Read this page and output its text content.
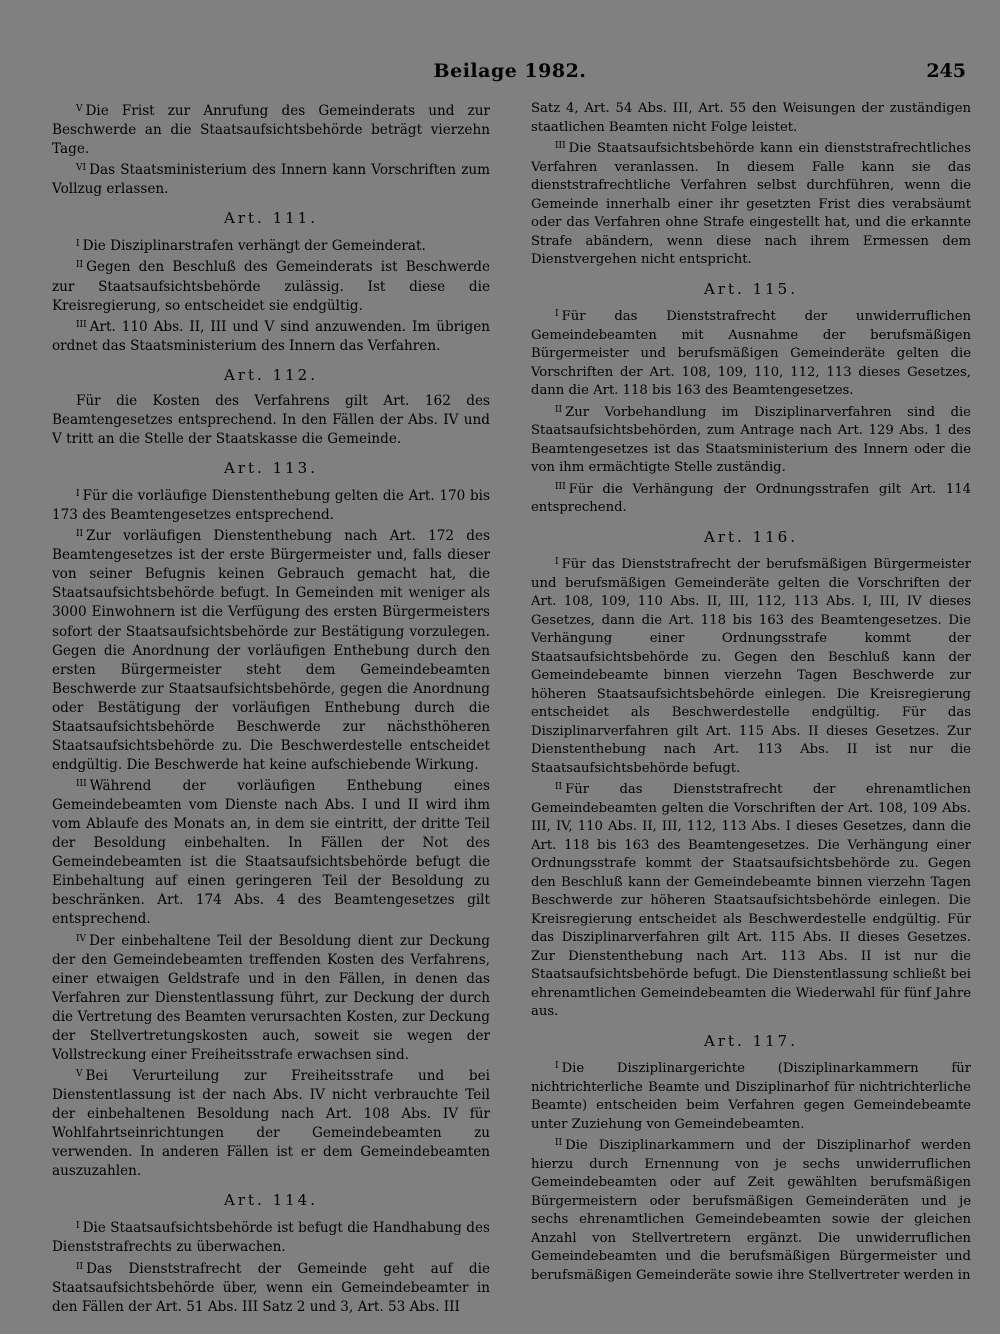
Beilage 1982.	245

$^V$ Die Frist zur Anrufung des Gemeinderats und zur Beschwerde an die Staatsaufsichtsbehörde beträgt vierzehn Tage.

$^{VI}$ Das Staatsministerium des Innern kann Vorschriften zum Vollzug erlassen.

Art. 111.

$^I$ Die Disziplinarstrafen verhängt der Gemeinderat.

$^{II}$ Gegen den Beschluß des Gemeinderats ist Beschwerde zur Staatsaufsichtsbehörde zulässig. Ist diese die Kreisregierung, so entscheidet sie endgültig.

$^{III}$ Art. 110 Abs. II, III und V sind anzuwenden. Im übrigen ordnet das Staatsministerium des Innern das Verfahren.

Art. 112.

Für die Kosten des Verfahrens gilt Art. 162 des Beamtengesetzes entsprechend. In den Fällen der Abs. IV und V tritt an die Stelle der Staatskasse die Gemeinde.

Art. 113.

$^I$ Für die vorläufige Dienstenthebung gelten die Art. 170 bis 173 des Beamtengesetzes entsprechend.

$^{II}$ Zur vorläufigen Dienstenthebung nach Art. 172 des Beamtengesetzes ist der erste Bürgermeister und, falls dieser von seiner Befugnis keinen Gebrauch gemacht hat, die Staatsaufsichtsbehörde befugt. In Gemeinden mit weniger als 3000 Einwohnern ist die Verfügung des ersten Bürgermeisters sofort der Staatsaufsichtsbehörde zur Bestätigung vorzulegen. Gegen die Anordnung der vorläufigen Enthebung durch den ersten Bürgermeister steht dem Gemeindebeamten Beschwerde zur Staatsaufsichtsbehörde, gegen die Anordnung oder Bestätigung der vorläufigen Enthebung durch die Staatsaufsichtsbehörde Beschwerde zur nächsthöheren Staatsaufsichtsbehörde zu. Die Beschwerdestelle entscheidet endgültig. Die Beschwerde hat keine aufschiebende Wirkung.

$^{III}$ Während der vorläufigen Enthebung eines Gemeindebeamten vom Dienste nach Abs. I und II wird ihm vom Ablaufe des Monats an, in dem sie eintritt, der dritte Teil der Besoldung einbehalten. In Fällen der Not des Gemeindebeamten ist die Staatsaufsichtsbehörde befugt die Einbehaltung auf einen geringeren Teil der Besoldung zu beschränken. Art. 174 Abs. 4 des Beamtengesetzes gilt entsprechend.

$^{IV}$ Der einbehaltene Teil der Besoldung dient zur Deckung der den Gemeindebeamten treffenden Kosten des Verfahrens, einer etwaigen Geldstrafe und in den Fällen, in denen das Verfahren zur Dienstentlassung führt, zur Deckung der durch die Vertretung des Beamten verursachten Kosten, zur Deckung der Stellvertretungskosten auch, soweit sie wegen der Vollstreckung einer Freiheitsstrafe erwachsen sind.

$^V$ Bei Verurteilung zur Freiheitsstrafe und bei Dienstentlassung ist der nach Abs. IV nicht verbrauchte Teil der einbehaltenen Besoldung nach Art. 108 Abs. IV für Wohlfahrtseinrichtungen der Gemeindebeamten zu verwenden. In anderen Fällen ist er dem Gemeindebeamten auszuzahlen.

Art. 114.

$^I$ Die Staatsaufsichtsbehörde ist befugt die Handhabung des Dienststrafrechts zu überwachen.

$^{II}$ Das Dienststrafrecht der Gemeinde geht auf die Staatsaufsichtsbehörde über, wenn ein Gemeindebeamter in den Fällen der Art. 51 Abs. III Satz 2 und 3, Art. 53 Abs. III

Satz 4, Art. 54 Abs. III, Art. 55 den Weisungen der zuständigen staatlichen Beamten nicht Folge leistet.

$^{III}$ Die Staatsaufsichtsbehörde kann ein dienststrafrechtliches Verfahren veranlassen. In diesem Falle kann sie das dienststrafrechtliche Verfahren selbst durchführen, wenn die Gemeinde innerhalb einer ihr gesetzten Frist dies verabsäumt oder das Verfahren ohne Strafe eingestellt hat, und die erkannte Strafe abändern, wenn diese nach ihrem Ermessen dem Dienstvergehen nicht entspricht.

Art. 115.

$^I$ Für das Dienststrafrecht der unwiderruflichen Gemeindebeamten mit Ausnahme der berufsmäßigen Bürgermeister und berufsmäßigen Gemeinderäte gelten die Vorschriften der Art. 108, 109, 110, 112, 113 dieses Gesetzes, dann die Art. 118 bis 163 des Beamtengesetzes.

$^{II}$ Zur Vorbehandlung im Disziplinarverfahren sind die Staatsaufsichtsbehörden, zum Antrage nach Art. 129 Abs. 1 des Beamtengesetzes ist das Staatsministerium des Innern oder die von ihm ermächtigte Stelle zuständig.

$^{III}$ Für die Verhängung der Ordnungsstrafen gilt Art. 114 entsprechend.

Art. 116.

$^I$ Für das Dienststrafrecht der berufsmäßigen Bürgermeister und berufsmäßigen Gemeinderäte gelten die Vorschriften der Art. 108, 109, 110 Abs. II, III, 112, 113 Abs. I, III, IV dieses Gesetzes, dann die Art. 118 bis 163 des Beamtengesetzes. Die Verhängung einer Ordnungsstrafe kommt der Staatsaufsichtsbehörde zu. Gegen den Beschluß kann der Gemeindebeamte binnen vierzehn Tagen Beschwerde zur höheren Staatsaufsichtsbehörde einlegen. Die Kreisregierung entscheidet als Beschwerdestelle endgültig. Für das Disziplinarverfahren gilt Art. 115 Abs. II dieses Gesetzes. Zur Dienstenthebung nach Art. 113 Abs. II ist nur die Staatsaufsichtsbehörde befugt.

$^{II}$ Für das Dienststrafrecht der ehrenamtlichen Gemeindebeamten gelten die Vorschriften der Art. 108, 109 Abs. III, IV, 110 Abs. II, III, 112, 113 Abs. I dieses Gesetzes, dann die Art. 118 bis 163 des Beamtengesetzes. Die Verhängung einer Ordnungsstrafe kommt der Staatsaufsichtsbehörde zu. Gegen den Beschluß kann der Gemeindebeamte binnen vierzehn Tagen Beschwerde zur höheren Staatsaufsichtsbehörde einlegen. Die Kreisregierung entscheidet als Beschwerdestelle endgültig. Für das Disziplinarverfahren gilt Art. 115 Abs. II dieses Gesetzes. Zur Dienstenthebung nach Art. 113 Abs. II ist nur die Staatsaufsichtsbehörde befugt. Die Dienstentlassung schließt bei ehrenamtlichen Gemeindebeamten die Wiederwahl für fünf Jahre aus.

Art. 117.

$^I$ Die Disziplinargerichte (Disziplinarkammern für nichtrichterliche Beamte und Disziplinarhof für nichtrichterliche Beamte) entscheiden beim Verfahren gegen Gemeindebeamte unter Zuziehung von Gemeindebeamten.

$^{II}$ Die Disziplinarkammern und der Disziplinarhof werden hierzu durch Ernennung von je sechs unwiderruflichen Gemeindebeamten oder auf Zeit gewählten berufsmäßigen Bürgermeistern oder berufsmäßigen Gemeinderäten und je sechs ehrenamtlichen Gemeindebeamten sowie der gleichen Anzahl von Stellvertretern ergänzt. Die unwiderruflichen Gemeindebeamten und die berufsmäßigen Bürgermeister und berufsmäßigen Gemeinderäte sowie ihre Stellvertreter werden in
